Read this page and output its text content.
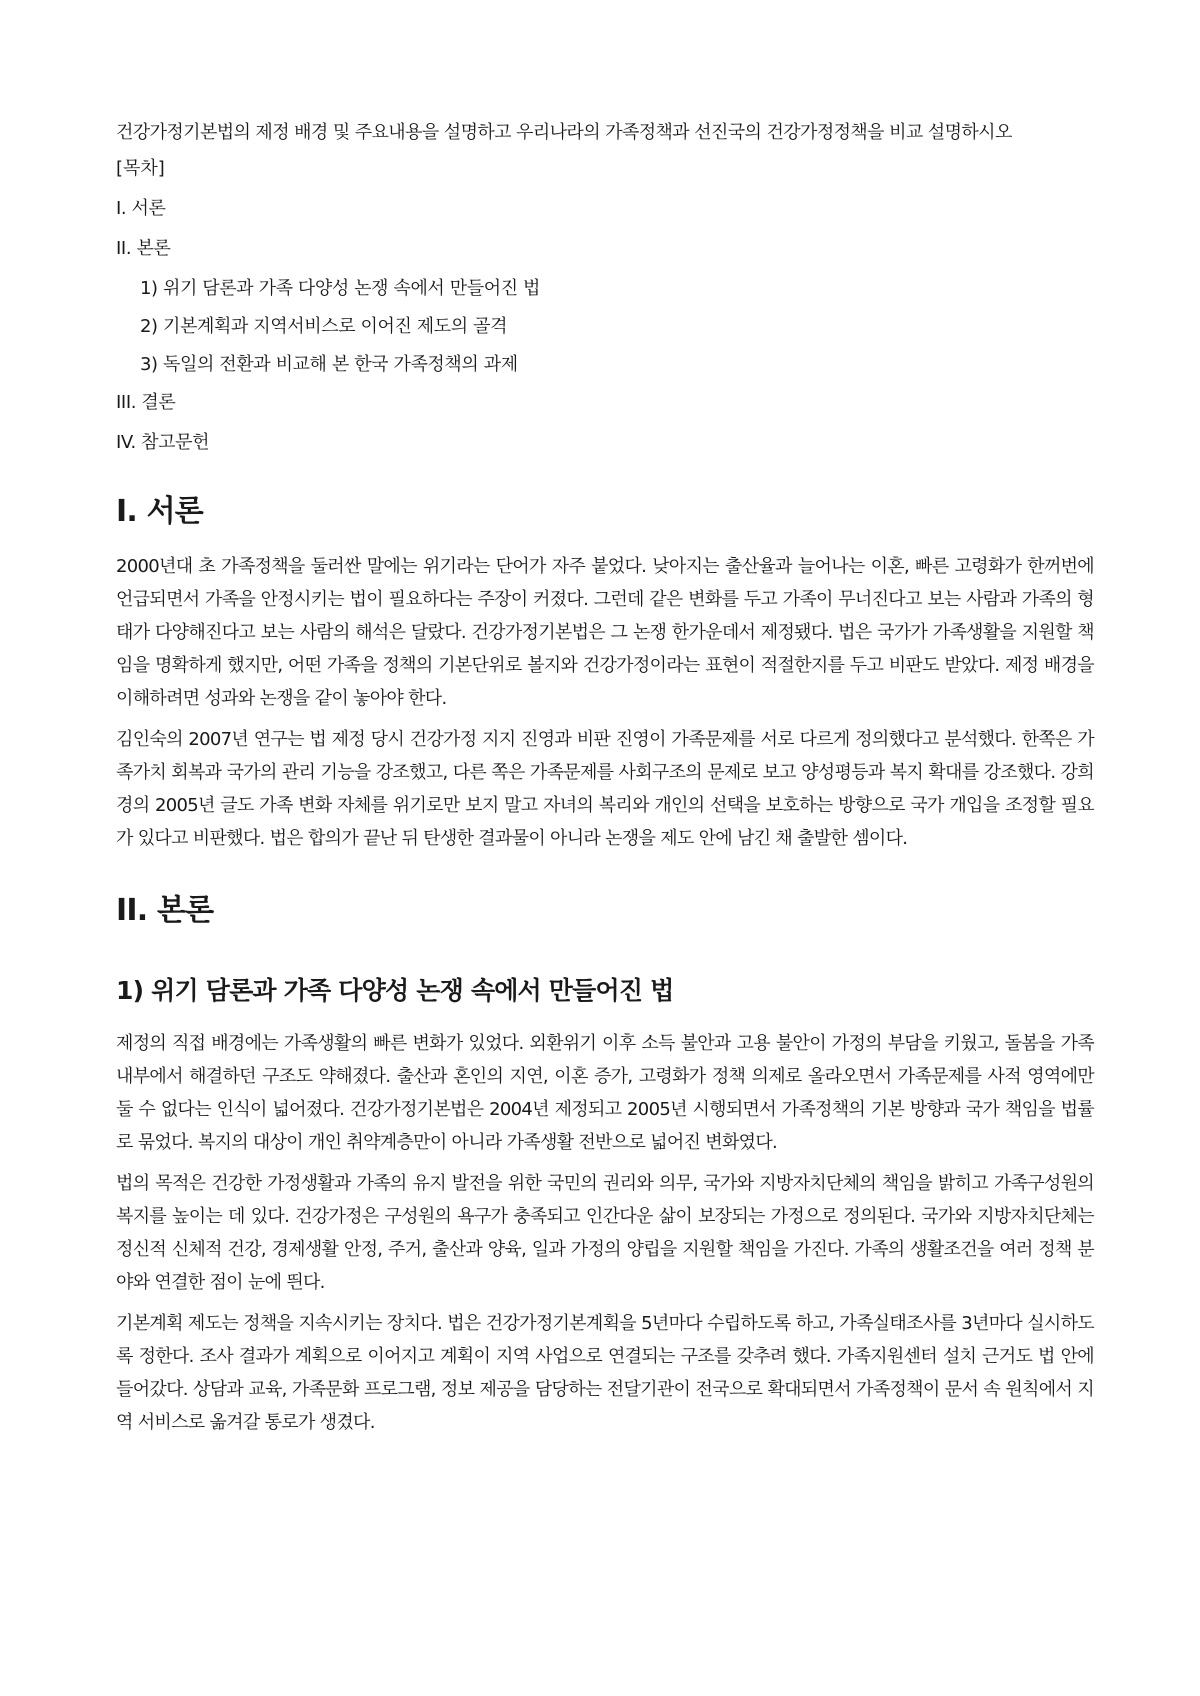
건강가정기본법의 제정 배경 및 주요내용을 설명하고 우리나라의 가족정책과 선진국의 건강가정정책을 비교 설명하시오

[목차]
I. 서론
II. 본론
1) 위기 담론과 가족 다양성 논쟁 속에서 만들어진 법
2) 기본계획과 지역서비스로 이어진 제도의 골격
3) 독일의 전환과 비교해 본 한국 가족정책의 과제
III. 결론
IV. 참고문헌
I. 서론

2000년대 초 가족정책을 둘러싼 말에는 위기라는 단어가 자주 붙었다. 낮아지는 출산율과 늘어나는 이혼, 빠른 고령화가 한꺼번에 언급되면서 가족을 안정시키는 법이 필요하다는 주장이 커졌다. 그런데 같은 변화를 두고 가족이 무너진다고 보는 사람과 가족의 형태가 다양해진다고 보는 사람의 해석은 달랐다. 건강가정기본법은 그 논쟁 한가운데서 제정됐다. 법은 국가가 가족생활을 지원할 책임을 명확하게 했지만, 어떤 가족을 정책의 기본단위로 볼지와 건강가정이라는 표현이 적절한지를 두고 비판도 받았다. 제정 배경을 이해하려면 성과와 논쟁을 같이 놓아야 한다.

김인숙의 2007년 연구는 법 제정 당시 건강가정 지지 진영과 비판 진영이 가족문제를 서로 다르게 정의했다고 분석했다. 한쪽은 가족가치 회복과 국가의 관리 기능을 강조했고, 다른 쪽은 가족문제를 사회구조의 문제로 보고 양성평등과 복지 확대를 강조했다. 강희경의 2005년 글도 가족 변화 자체를 위기로만 보지 말고 자녀의 복리와 개인의 선택을 보호하는 방향으로 국가 개입을 조정할 필요가 있다고 비판했다. 법은 합의가 끝난 뒤 탄생한 결과물이 아니라 논쟁을 제도 안에 남긴 채 출발한 셈이다.

II. 본론
1) 위기 담론과 가족 다양성 논쟁 속에서 만들어진 법

제정의 직접 배경에는 가족생활의 빠른 변화가 있었다. 외환위기 이후 소득 불안과 고용 불안이 가정의 부담을 키웠고, 돌봄을 가족 내부에서 해결하던 구조도 약해졌다. 출산과 혼인의 지연, 이혼 증가, 고령화가 정책 의제로 올라오면서 가족문제를 사적 영역에만 둘 수 없다는 인식이 넓어졌다. 건강가정기본법은 2004년 제정되고 2005년 시행되면서 가족정책의 기본 방향과 국가 책임을 법률로 묶었다. 복지의 대상이 개인 취약계층만이 아니라 가족생활 전반으로 넓어진 변화였다.

법의 목적은 건강한 가정생활과 가족의 유지 발전을 위한 국민의 권리와 의무, 국가와 지방자치단체의 책임을 밝히고 가족구성원의 복지를 높이는 데 있다. 건강가정은 구성원의 욕구가 충족되고 인간다운 삶이 보장되는 가정으로 정의된다. 국가와 지방자치단체는 정신적 신체적 건강, 경제생활 안정, 주거, 출산과 양육, 일과 가정의 양립을 지원할 책임을 가진다. 가족의 생활조건을 여러 정책 분야와 연결한 점이 눈에 띈다.

기본계획 제도는 정책을 지속시키는 장치다. 법은 건강가정기본계획을 5년마다 수립하도록 하고, 가족실태조사를 3년마다 실시하도록 정한다. 조사 결과가 계획으로 이어지고 계획이 지역 사업으로 연결되는 구조를 갖추려 했다. 가족지원센터 설치 근거도 법 안에 들어갔다. 상담과 교육, 가족문화 프로그램, 정보 제공을 담당하는 전달기관이 전국으로 확대되면서 가족정책이 문서 속 원칙에서 지역 서비스로 옮겨갈 통로가 생겼다.
